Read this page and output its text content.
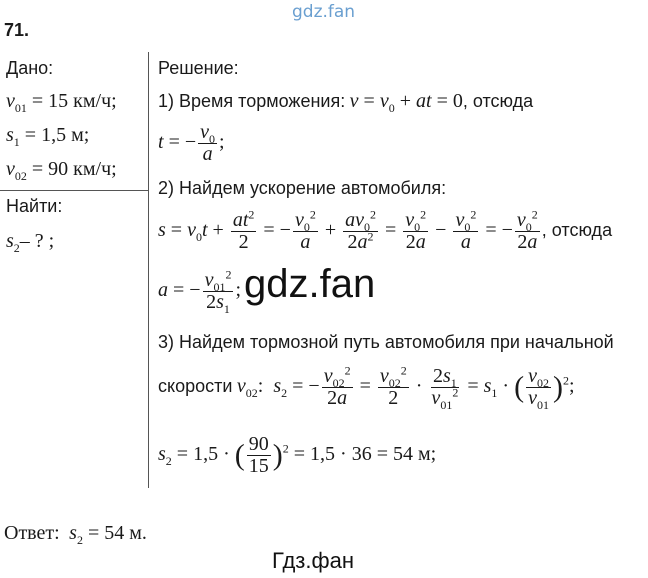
gdz.fan
71.
Дано:
$v_{01} = 15$ км/ч;
$s_1 = 1,5$ м;
$v_{02} = 90$ км/ч;
Найти:
$s_2-$ ? ;
Решение:
1) Время торможения: $v = v_0$ + at = 0, отсюда
t = − $\frac{v_0}{a}$ ;
2) Найдем ускорение автомобиля:
$s = v_0t + \frac{at^2}{2}$ = − $\frac{v_0^2}{a} + \frac{av_0^2}{2a^2} = \frac{v_0^2}{2a} - \frac{v_0^2}{a}$ = − $\frac{v_0^2}{2a}$ , отсюда
a = − $\frac{v_{01}^2}{2s_1}$ ; gdz.fan
3) Найдем тормозной путь автомобиля при начальной
скорости $v_{02}$:  $s_2$ = − $\frac{v_{02}^2}{2a} = \frac{v_{02}^2}{2} \cdot \frac{2s_1}{v_{01}^2} = s_1$ · ( $\frac{v_{02}}{v_{01}} )^2$;
$s_2 = 1,5$ · ( $\frac{90}{15} )^2 = 1,5 \cdot 36 = 54$ м;
Ответ: $s_2 = 54$ м.
Гдз.фан
